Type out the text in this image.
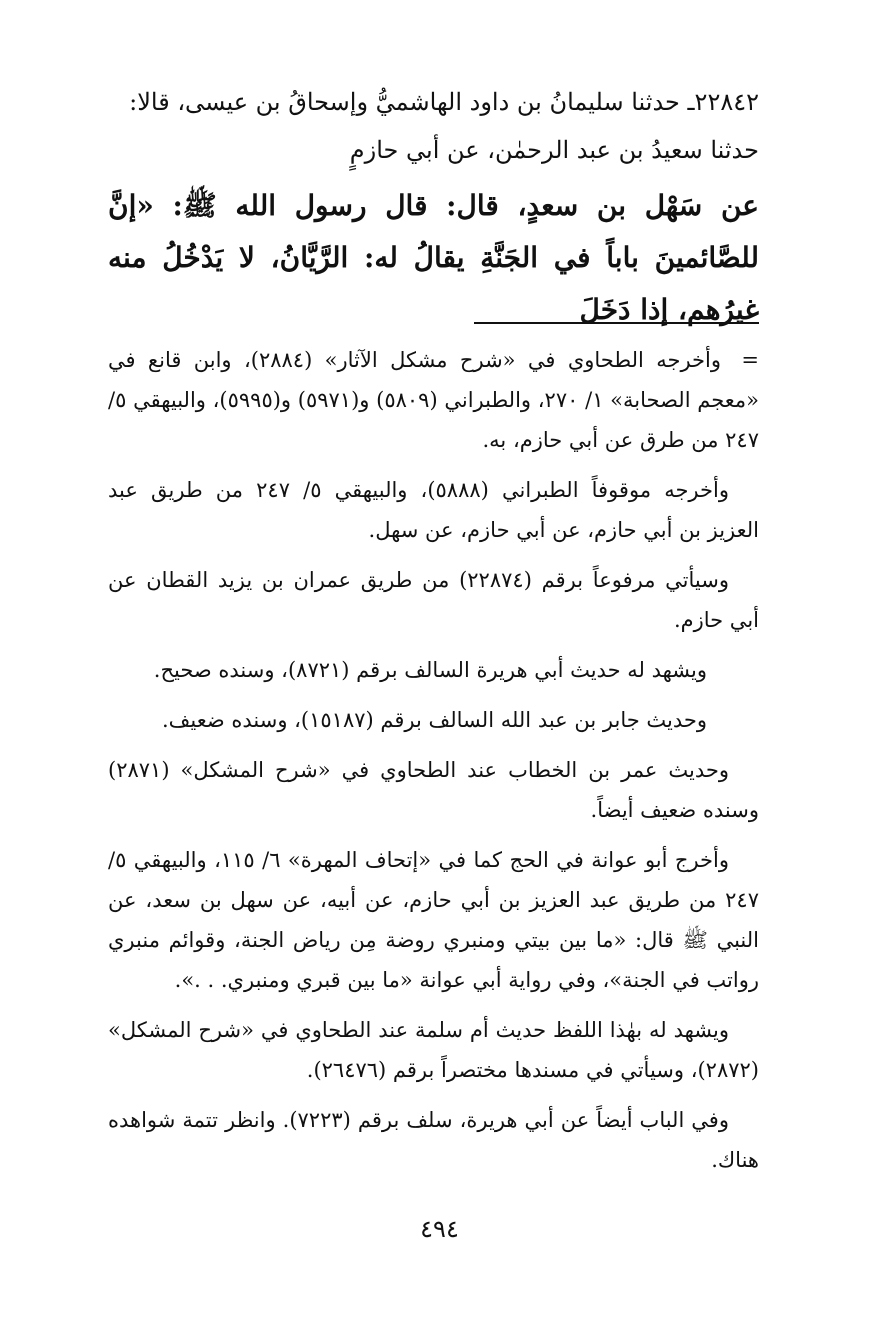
٢٢٨٤٢ـ حدثنا سليمانُ بن داود الهاشميُّ وإسحاقُ بن عيسى، قالا:
حدثنا سعيدُ بن عبد الرحمٰن، عن أبي حازمٍ
عن سَهْل بن سعدٍ، قال: قال رسول الله ﷺ: «إنَّ للصَّائمينَ باباً في الجَنَّةِ يقالُ له: الرَّيَّانُ، لا يَدْخُلُ منه غيرُهم، إذا دَخَلَ

=وأخرجه الطحاوي في «شرح مشكل الآثار» (٢٨٨٤)، وابن قانع في «معجم الصحابة» ١/ ٢٧٠، والطبراني (٥٨٠٩) و(٥٩٧١) و(٥٩٩٥)، والبيهقي ٥/ ٢٤٧ من طرق عن أبي حازم، به.

وأخرجه موقوفاً الطبراني (٥٨٨٨)، والبيهقي ٥/ ٢٤٧ من طريق عبد العزيز بن أبي حازم، عن أبي حازم، عن سهل.

وسيأتي مرفوعاً برقم (٢٢٨٧٤) من طريق عمران بن يزيد القطان عن أبي حازم.

ويشهد له حديث أبي هريرة السالف برقم (٨٧٢١)، وسنده صحيح.

وحديث جابر بن عبد الله السالف برقم (١٥١٨٧)، وسنده ضعيف.

وحديث عمر بن الخطاب عند الطحاوي في «شرح المشكل» (٢٨٧١) وسنده ضعيف أيضاً.

وأخرج أبو عوانة في الحج كما في «إتحاف المهرة» ٦/ ١١٥، والبيهقي ٥/ ٢٤٧ من طريق عبد العزيز بن أبي حازم، عن أبيه، عن سهل بن سعد، عن النبي ﷺ قال: «ما بين بيتي ومنبري روضة مِن رياض الجنة، وقوائم منبري رواتب في الجنة»، وفي رواية أبي عوانة «ما بين قبري ومنبري. . .».

ويشهد له بهٰذا اللفظ حديث أم سلمة عند الطحاوي في «شرح المشكل» (٢٨٧٢)، وسيأتي في مسندها مختصراً برقم (٢٦٤٧٦).

وفي الباب أيضاً عن أبي هريرة، سلف برقم (٧٢٢٣). وانظر تتمة شواهده هناك.

٤٩٤
